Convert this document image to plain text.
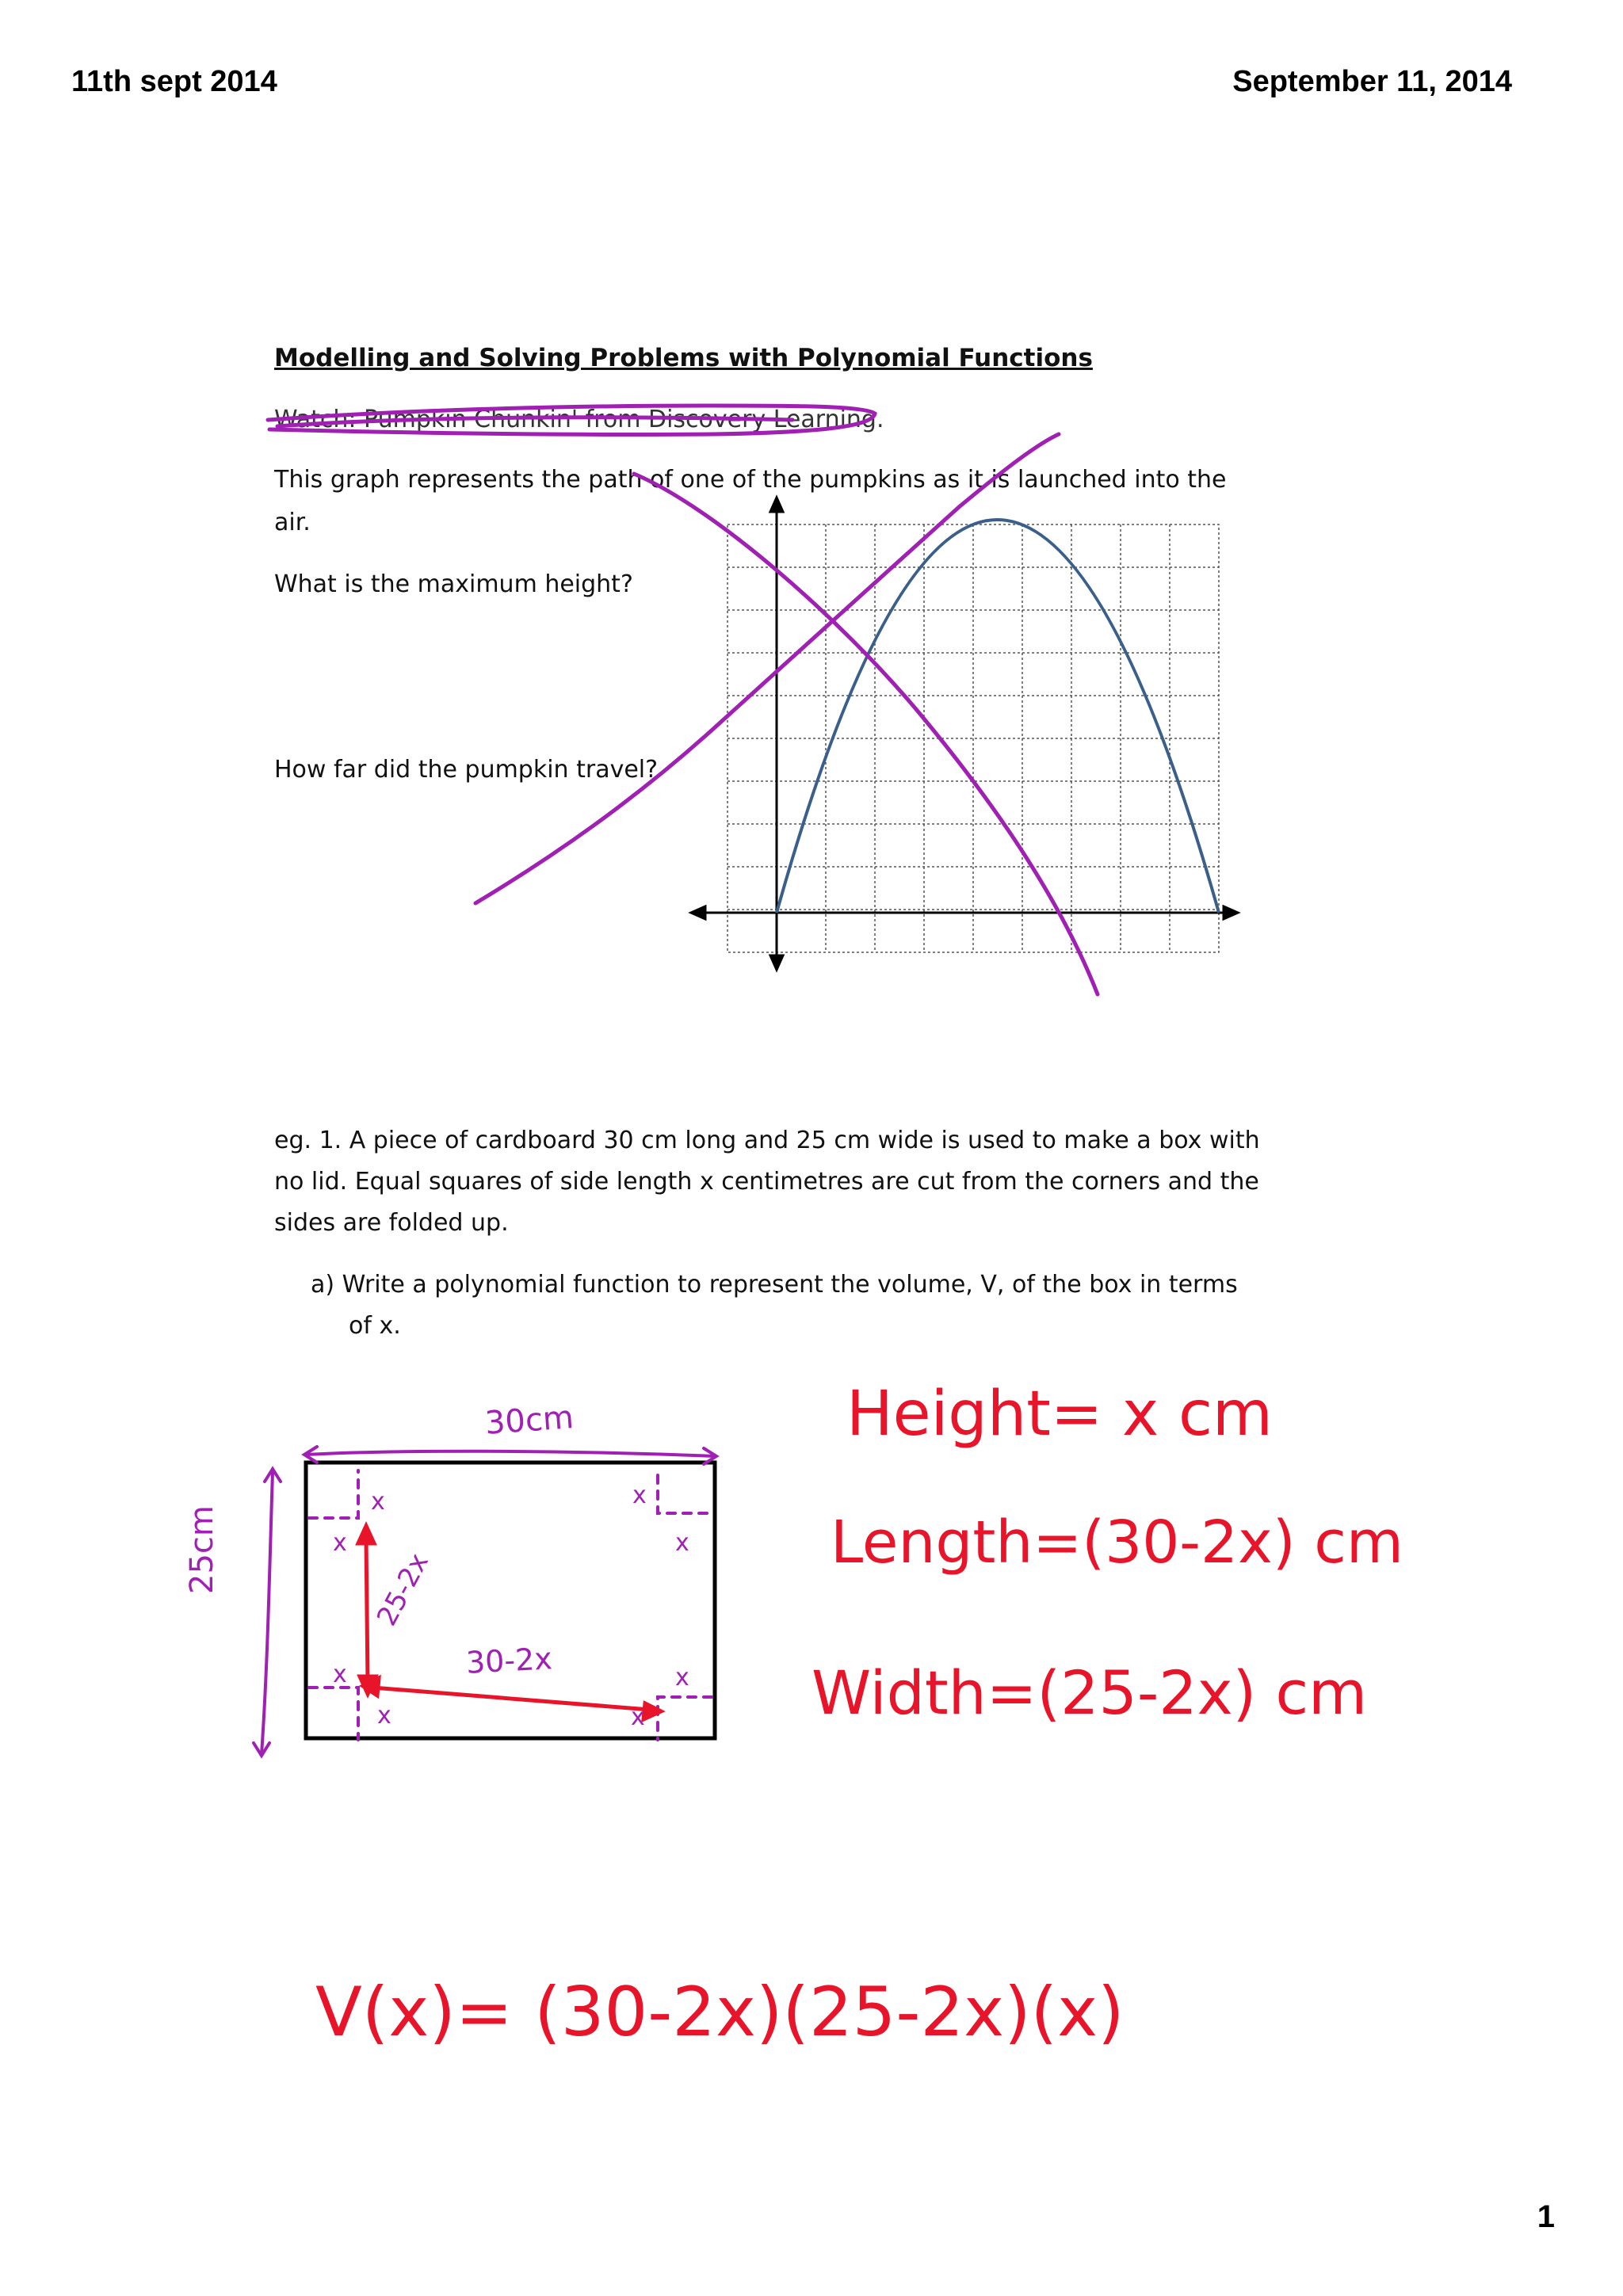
11th sept 2014	September 11, 2014
Modelling and Solving Problems with Polynomial Functions
Watch: Pumpkin Chunkin' from Discovery Learning.
This graph represents the path of one of the pumpkins as it is launched into the
air.
What is the maximum height?
How far did the pumpkin travel?
eg. 1. A piece of cardboard 30 cm long and 25 cm wide is used to make a box with
no lid. Equal squares of side length x centimetres are cut from the corners and the
sides are folded up.
a) Write a polynomial function to represent the volume, V, of the box in terms
of x.
30cm
25cm
x
x
x
x
x
x
x
x
25-2x
30-2x
Height= x cm
Length=(30-2x) cm
Width=(25-2x) cm
V(x)= (30-2x)(25-2x)(x)
1
